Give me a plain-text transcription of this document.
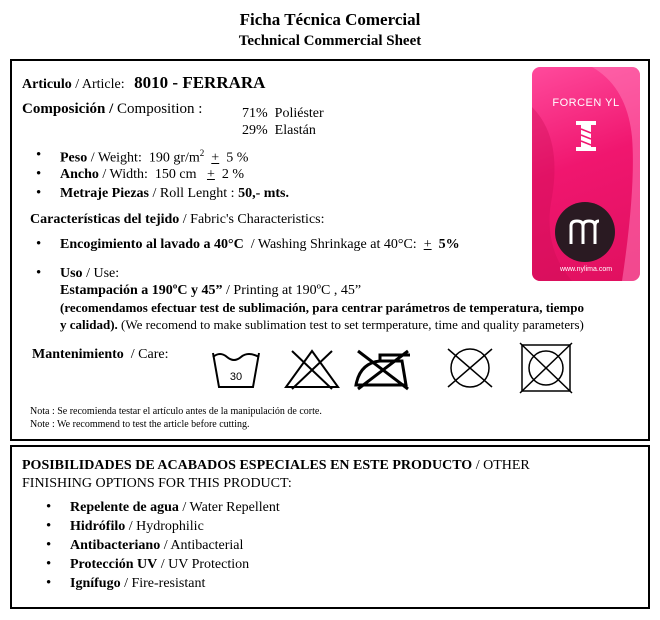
Ficha Técnica Comercial
Technical Commercial Sheet
Articulo / Article: 8010 - FERRARA
Composición / Composition :	71% Poliéster
29% Elastán
• Peso / Weight: 190 $gr/m^2 + 5$ %
• Ancho / Width: 150 cm + 2 %
• Metraje Piezas / Roll Lenght : 50,- mts.
Características del tejido / Fabric's Characteristics:
• Encogimiento al lavado a 40°C / Washing Shrinkage at 40°C: + 5%
• Uso / Use:
Estampación a 190ºC y 45” / Printing at 190ºC , 45”
(recomendamos efectuar test de sublimación, para centrar parámetros de temperatura, tiempo
y calidad). (We recomend to make sublimation test to set termperature, time and quality parameters)
Mantenimiento / Care:
30
Nota : Se recomienda testar el artículo antes de la manipulación de corte.
Note : We recommend to test the article before cutting.
FORCEN YL
www.nylima.com
POSIBILIDADES DE ACABADOS ESPECIALES EN ESTE PRODUCTO / OTHER
FINISHING OPTIONS FOR THIS PRODUCT:
• Repelente de agua / Water Repellent
• Hidrófilo / Hydrophilic
• Antibacteriano / Antibacterial
• Protección UV / UV Protection
• Ignífugo / Fire-resistant
